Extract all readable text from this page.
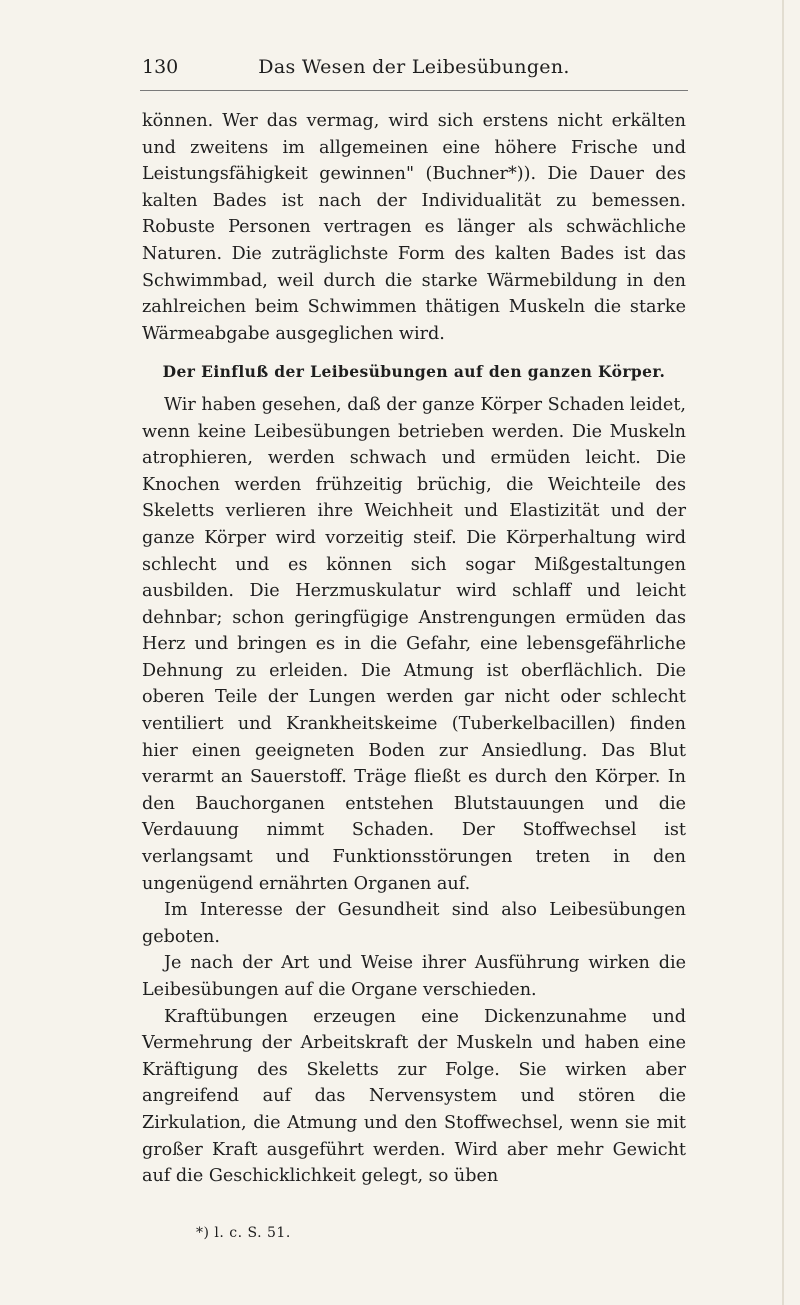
130	Das Wesen der Leibesübungen.

können. Wer das vermag, wird sich erstens nicht erkälten und zweitens im allgemeinen eine höhere Frische und Leistungsfähigkeit gewinnen" (Buchner*)). Die Dauer des kalten Bades ist nach der Individualität zu bemessen. Robuste Personen vertragen es länger als schwächliche Naturen. Die zuträglichste Form des kalten Bades ist das Schwimmbad, weil durch die starke Wärmebildung in den zahlreichen beim Schwimmen thätigen Muskeln die starke Wärmeabgabe ausgeglichen wird.

Der Einfluß der Leibesübungen auf den ganzen Körper.

Wir haben gesehen, daß der ganze Körper Schaden leidet, wenn keine Leibesübungen betrieben werden. Die Muskeln atrophieren, werden schwach und ermüden leicht. Die Knochen werden frühzeitig brüchig, die Weichteile des Skeletts verlieren ihre Weichheit und Elastizität und der ganze Körper wird vorzeitig steif. Die Körperhaltung wird schlecht und es können sich sogar Mißgestaltungen ausbilden. Die Herzmuskulatur wird schlaff und leicht dehnbar; schon geringfügige Anstrengungen ermüden das Herz und bringen es in die Gefahr, eine lebensgefährliche Dehnung zu erleiden. Die Atmung ist oberflächlich. Die oberen Teile der Lungen werden gar nicht oder schlecht ventiliert und Krankheitskeime (Tuberkelbacillen) finden hier einen geeigneten Boden zur Ansiedlung. Das Blut verarmt an Sauerstoff. Träge fließt es durch den Körper. In den Bauchorganen entstehen Blutstauungen und die Verdauung nimmt Schaden. Der Stoffwechsel ist verlangsamt und Funktionsstörungen treten in den ungenügend ernährten Organen auf.

Im Interesse der Gesundheit sind also Leibesübungen geboten.

Je nach der Art und Weise ihrer Ausführung wirken die Leibesübungen auf die Organe verschieden.

Kraftübungen erzeugen eine Dickenzunahme und Vermehrung der Arbeitskraft der Muskeln und haben eine Kräftigung des Skeletts zur Folge. Sie wirken aber angreifend auf das Nervensystem und stören die Zirkulation, die Atmung und den Stoffwechsel, wenn sie mit großer Kraft ausgeführt werden. Wird aber mehr Gewicht auf die Geschicklichkeit gelegt, so üben

*) l. c. S. 51.
